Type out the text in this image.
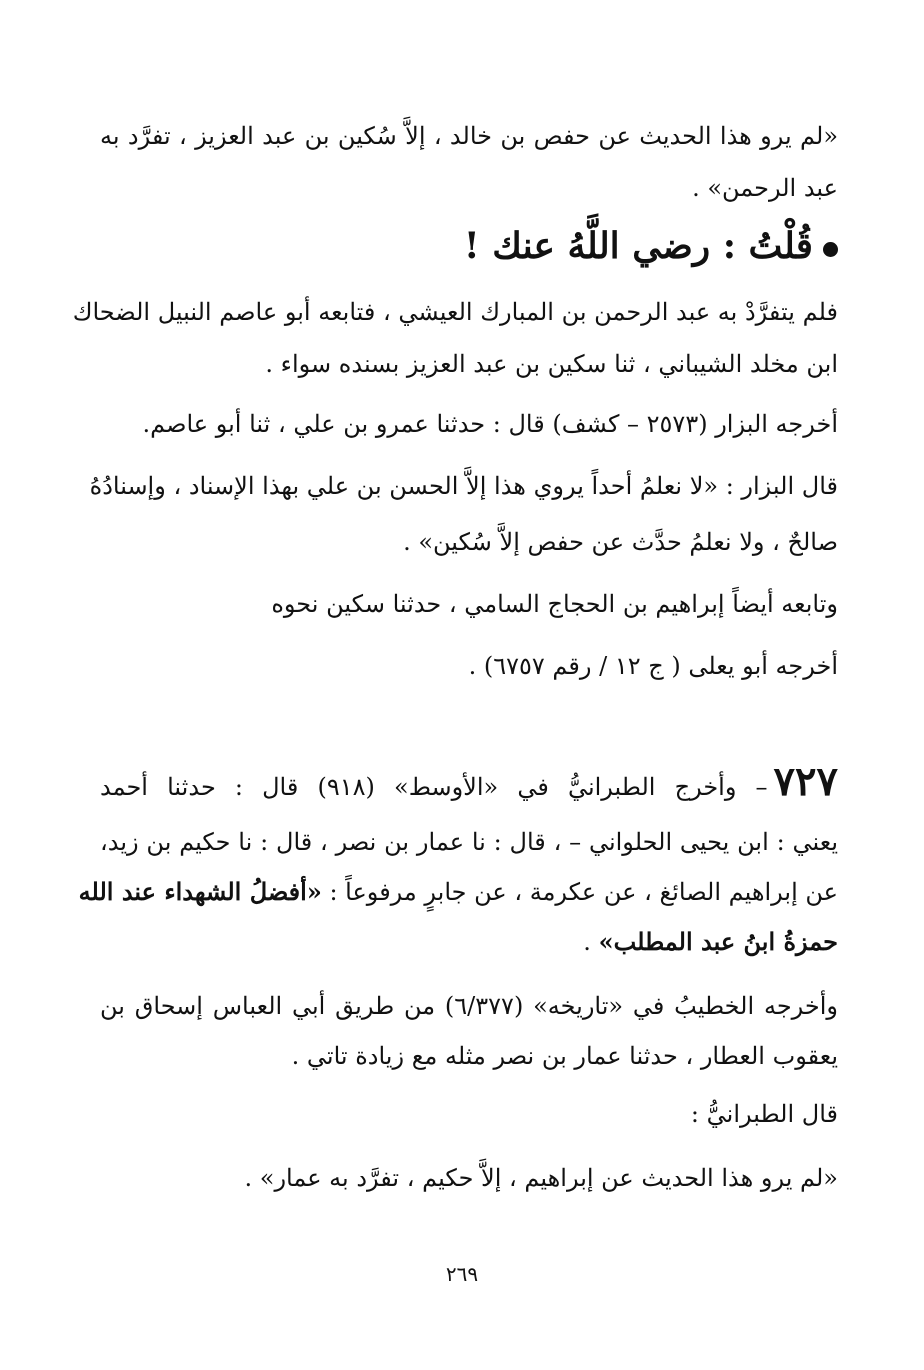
«لم يرو هذا الحديث عن حفص بن خالد ، إلاَّ سُكين بن عبد العزيز ، تفرَّد به
عبد الرحمن» .
قُلْتُ : رضي اللَّهُ عنك !
فلم يتفرَّدْ به عبد الرحمن بن المبارك العيشي ، فتابعه أبو عاصم النبيل الضحاك
ابن مخلد الشيباني ، ثنا سكين بن عبد العزيز بسنده سواء .
أخرجه البزار (٢٥٧٣ – كشف) قال : حدثنا عمرو بن علي ، ثنا أبو عاصم.
قال البزار : «لا نعلمُ أحداً يروي هذا إلاَّ الحسن بن علي بهذا الإسناد ، وإسنادُهُ
صالحٌ ، ولا نعلمُ حدَّث عن حفص إلاَّ سُكين» .
وتابعه أيضاً إبراهيم بن الحجاج السامي ، حدثنا سكين نحوه
أخرجه أبو يعلى ( ج ١٢ / رقم ٦٧٥٧) .
٧٢٧– وأخرج الطبرانيُّ في «الأوسط» (٩١٨) قال : حدثنا أحمد
يعني : ابن يحيى الحلواني – ، قال : نا عمار بن نصر ، قال : نا حكيم بن زيد،
عن إبراهيم الصائغ ، عن عكرمة ، عن جابرٍ مرفوعاً : «أفضلُ الشهداء عند الله
حمزةُ ابنُ عبد المطلب» .
وأخرجه الخطيبُ في «تاريخه» (٦/٣٧٧) من طريق أبي العباس إسحاق بن
يعقوب العطار ، حدثنا عمار بن نصر مثله مع زيادة تاتي .
قال الطبرانيُّ :
«لم يرو هذا الحديث عن إبراهيم ، إلاَّ حكيم ، تفرَّد به عمار» .
٢٦٩
